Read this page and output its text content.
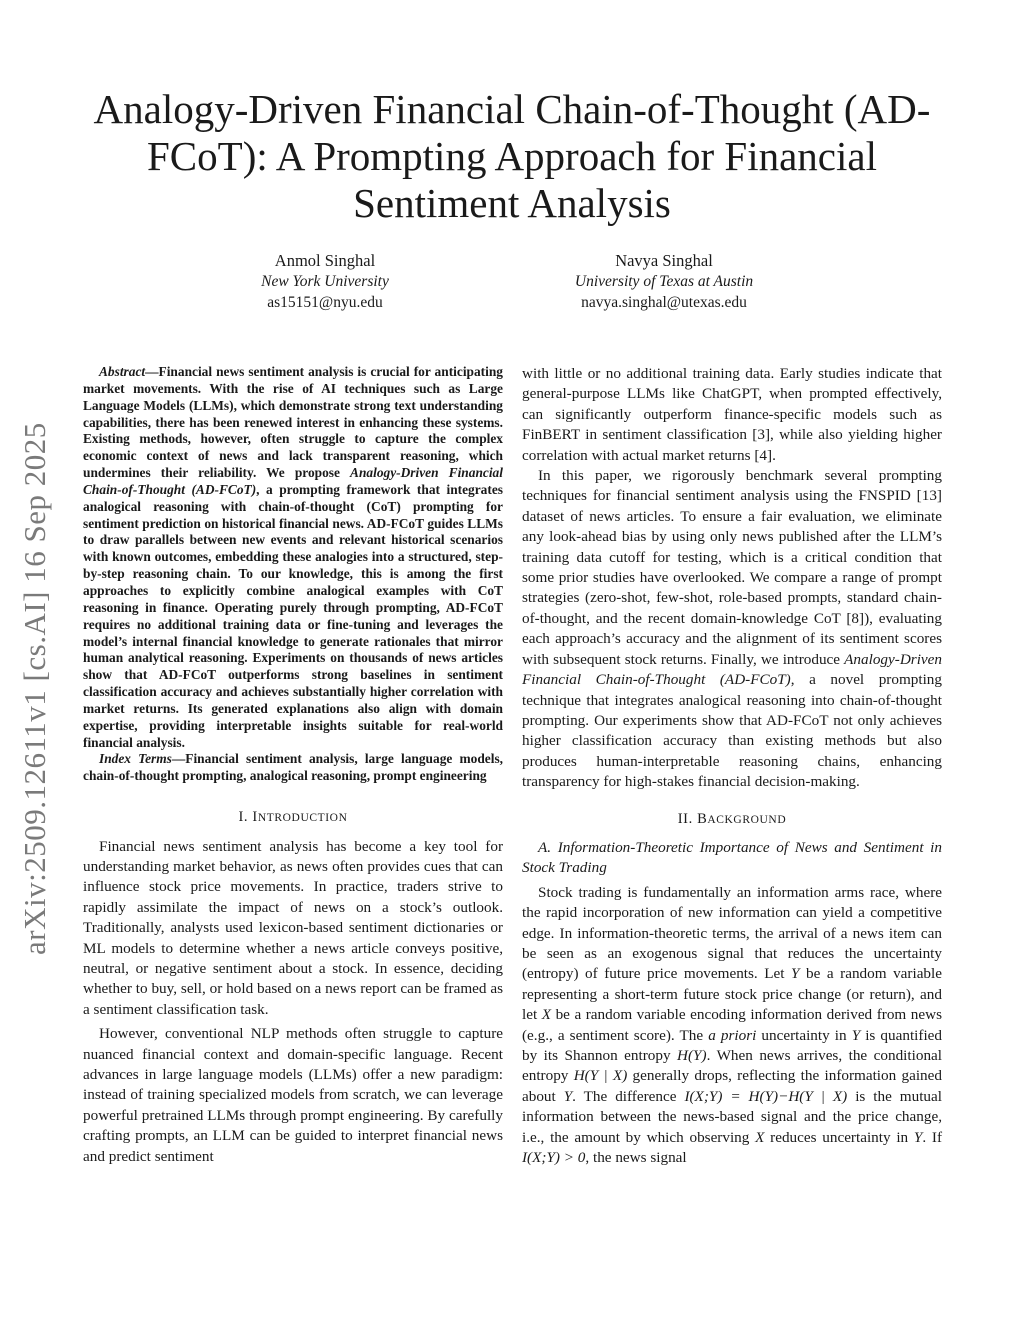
arXiv:2509.12611v1 [cs.AI] 16 Sep 2025
Analogy-Driven Financial Chain-of-Thought (AD-FCoT): A Prompting Approach for Financial Sentiment Analysis
Anmol Singhal
New York University
as15151@nyu.edu
Navya Singhal
University of Texas at Austin
navya.singhal@utexas.edu

Abstract—Financial news sentiment analysis is crucial for anticipating market movements. With the rise of AI techniques such as Large Language Models (LLMs), which demonstrate strong text understanding capabilities, there has been renewed interest in enhancing these systems. Existing methods, however, often struggle to capture the complex economic context of news and lack transparent reasoning, which undermines their reliability. We propose Analogy-Driven Financial Chain-of-Thought (AD-FCoT), a prompting framework that integrates analogical reasoning with chain-of-thought (CoT) prompting for sentiment prediction on historical financial news. AD-FCoT guides LLMs to draw parallels between new events and relevant historical scenarios with known outcomes, embedding these analogies into a structured, step-by-step reasoning chain. To our knowledge, this is among the first approaches to explicitly combine analogical examples with CoT reasoning in finance. Operating purely through prompting, AD-FCoT requires no additional training data or fine-tuning and leverages the model’s internal financial knowledge to generate rationales that mirror human analytical reasoning. Experiments on thousands of news articles show that AD-FCoT outperforms strong baselines in sentiment classification accuracy and achieves substantially higher correlation with market returns. Its generated explanations also align with domain expertise, providing interpretable insights suitable for real-world financial analysis.

Index Terms—Financial sentiment analysis, large language models, chain-of-thought prompting, analogical reasoning, prompt engineering

I. INTRODUCTION

Financial news sentiment analysis has become a key tool for understanding market behavior, as news often provides cues that can influence stock price movements. In practice, traders strive to rapidly assimilate the impact of news on a stock’s outlook. Traditionally, analysts used lexicon-based sentiment dictionaries or ML models to determine whether a news article conveys positive, neutral, or negative sentiment about a stock. In essence, deciding whether to buy, sell, or hold based on a news report can be framed as a sentiment classification task.

However, conventional NLP methods often struggle to capture nuanced financial context and domain-specific language. Recent advances in large language models (LLMs) offer a new paradigm: instead of training specialized models from scratch, we can leverage powerful pretrained LLMs through prompt engineering. By carefully crafting prompts, an LLM can be guided to interpret financial news and predict sentiment

with little or no additional training data. Early studies indicate that general-purpose LLMs like ChatGPT, when prompted effectively, can significantly outperform finance-specific models such as FinBERT in sentiment classification [3], while also yielding higher correlation with actual market returns [4].

In this paper, we rigorously benchmark several prompting techniques for financial sentiment analysis using the FNSPID [13] dataset of news articles. To ensure a fair evaluation, we eliminate any look-ahead bias by using only news published after the LLM’s training data cutoff for testing, which is a critical condition that some prior studies have overlooked. We compare a range of prompt strategies (zero-shot, few-shot, role-based prompts, standard chain-of-thought, and the recent domain-knowledge CoT [8]), evaluating each approach’s accuracy and the alignment of its sentiment scores with subsequent stock returns. Finally, we introduce Analogy-Driven Financial Chain-of-Thought (AD-FCoT), a novel prompting technique that integrates analogical reasoning into chain-of-thought prompting. Our experiments show that AD-FCoT not only achieves higher classification accuracy than existing methods but also produces human-interpretable reasoning chains, enhancing transparency for high-stakes financial decision-making.

II. BACKGROUND

A. Information-Theoretic Importance of News and Sentiment in Stock Trading

Stock trading is fundamentally an information arms race, where the rapid incorporation of new information can yield a competitive edge. In information-theoretic terms, the arrival of a news item can be seen as an exogenous signal that reduces the uncertainty (entropy) of future price movements. Let Y be a random variable representing a short-term future stock price change (or return), and let X be a random variable encoding information derived from news (e.g., a sentiment score). The a priori uncertainty in Y is quantified by its Shannon entropy H(Y). When news arrives, the conditional entropy H(Y | X) generally drops, reflecting the information gained about Y. The difference I(X;Y) = H(Y)−H(Y | X) is the mutual information between the news-based signal and the price change, i.e., the amount by which observing X reduces uncertainty in Y. If I(X;Y) > 0, the news signal
